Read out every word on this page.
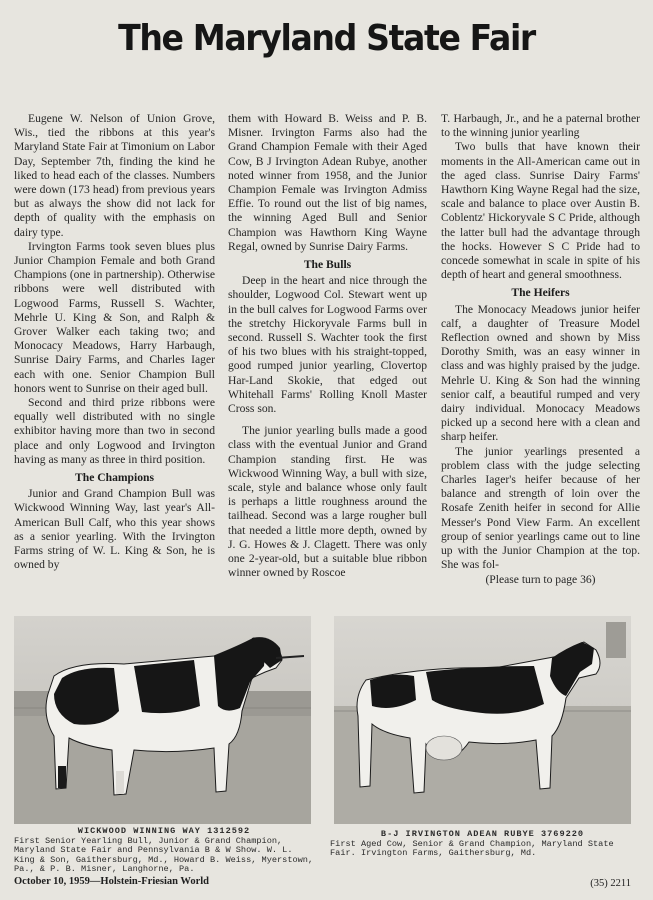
The Maryland State Fair

Eugene W. Nelson of Union Grove, Wis., tied the ribbons at this year's Maryland State Fair at Timonium on Labor Day, September 7th, finding the kind he liked to head each of the classes. Numbers were down (173 head) from previous years but as always the show did not lack for depth of quality with the emphasis on dairy type.

Irvington Farms took seven blues plus Junior Champion Female and both Grand Champions (one in partnership). Otherwise ribbons were well distributed with Logwood Farms, Russell S. Wachter, Mehrle U. King & Son, and Ralph & Grover Walker each taking two; and Monocacy Meadows, Harry Harbaugh, Sunrise Dairy Farms, and Charles Iager each with one. Senior Champion Bull honors went to Sunrise on their aged bull.

Second and third prize ribbons were equally well distributed with no single exhibitor having more than two in second place and only Logwood and Irvington having as many as three in third position.

The Champions

Junior and Grand Champion Bull was Wickwood Winning Way, last year's All-American Bull Calf, who this year shows as a senior yearling. With the Irvington Farms string of W. L. King & Son, he is owned by

them with Howard B. Weiss and P. B. Misner. Irvington Farms also had the Grand Champion Female with their Aged Cow, B J Irvington Adean Rubye, another noted winner from 1958, and the Junior Champion Female was Irvington Admiss Effie. To round out the list of big names, the winning Aged Bull and Senior Champion was Hawthorn King Wayne Regal, owned by Sunrise Dairy Farms.

The Bulls

Deep in the heart and nice through the shoulder, Logwood Col. Stewart went up in the bull calves for Logwood Farms over the stretchy Hickoryvale Farms bull in second. Russell S. Wachter took the first of his two blues with his straight-topped, good rumped junior yearling, Clovertop Har-Land Skokie, that edged out Whitehall Farms' Rolling Knoll Master Cross son.

The junior yearling bulls made a good class with the eventual Junior and Grand Champion standing first. He was Wickwood Winning Way, a bull with size, scale, style and balance whose only fault is perhaps a little roughness around the tailhead. Second was a large rougher bull that needed a little more depth, owned by J. G. Howes & J. Clagett. There was only one 2-year-old, but a suitable blue ribbon winner owned by Roscoe

T. Harbaugh, Jr., and he a paternal brother to the winning junior yearling

Two bulls that have known their moments in the All-American came out in the aged class. Sunrise Dairy Farms' Hawthorn King Wayne Regal had the size, scale and balance to place over Austin B. Coblentz' Hickoryvale S C Pride, although the latter bull had the advantage through the hocks. However S C Pride had to concede somewhat in scale in spite of his depth of heart and general smoothness.

The Heifers

The Monocacy Meadows junior heifer calf, a daughter of Treasure Model Reflection owned and shown by Miss Dorothy Smith, was an easy winner in class and was highly praised by the judge. Mehrle U. King & Son had the winning senior calf, a beautiful rumped and very dairy individual. Monocacy Meadows picked up a second here with a clean and sharp heifer.

The junior yearlings presented a problem class with the judge selecting Charles Iager's heifer because of her balance and strength of loin over the Rosafe Zenith heifer in second for Allie Messer's Pond View Farm. An excellent group of senior yearlings came out to line up with the Junior Champion at the top. She was fol-

(Please turn to page 36)

WICKWOOD WINNING WAY 1312592
First Senior Yearling Bull, Junior & Grand Champion, Maryland State Fair and Pennsylvania B & W Show. W. L. King & Son, Gaithersburg, Md., Howard B. Weiss, Myerstown, Pa., & P. B. Misner, Langhorne, Pa.
B-J IRVINGTON ADEAN RUBYE 3769220
First Aged Cow, Senior & Grand Champion, Maryland State Fair. Irvington Farms, Gaithersburg, Md.
October 10, 1959—Holstein-Friesian World	(35) 2211
